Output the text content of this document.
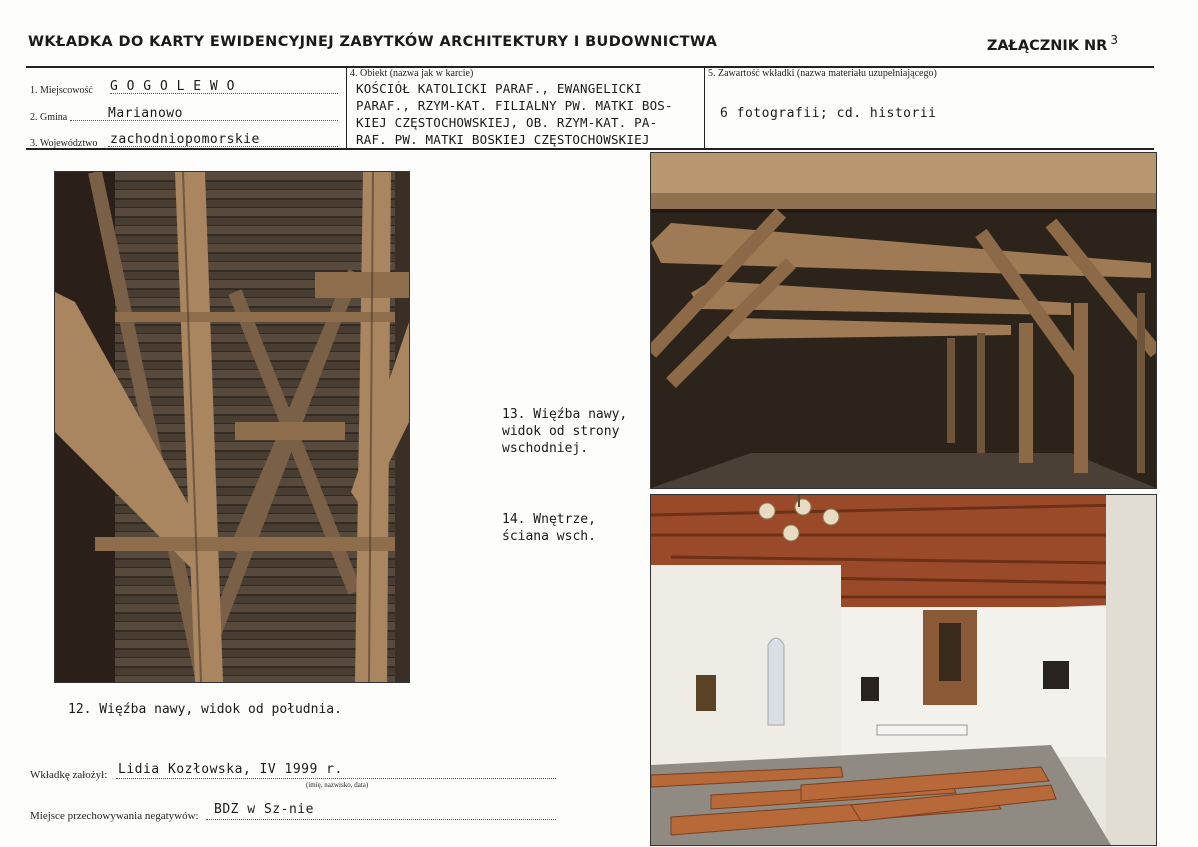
WKŁADKA DO KARTY EWIDENCYJNEJ ZABYTKÓW ARCHITEKTURY I BUDOWNICTWA	ZAŁĄCZNIK NR $^3$
1. Miejscowość G O G O L E W O
2. Gmina	Marianowo
3. Województwo zachodniopomorskie
4. Obiekt (nazwa jak w karcie)
KOŚCIÓŁ KATOLICKI PARAF., EWANGELICKI
PARAF., RZYM-KAT. FILIALNY PW. MATKI BOS-
KIEJ CZĘSTOCHOWSKIEJ, OB. RZYM-KAT. PA-
RAF. PW. MATKI BOSKIEJ CZĘSTOCHOWSKIEJ
5. Zawartość wkładki (nazwa materiału uzupełniającego)
6 fotografii; cd. historii
12. Więźba nawy, widok od południa.
13. Więźba nawy,
widok od strony
wschodniej.
14. Wnętrze,
ściana wsch.
Wkładkę założył: Lidia Kozłowska, IV 1999 r.
(imię, nazwisko, data)
Miejsce przechowywania negatywów: BDZ w Sz-nie
